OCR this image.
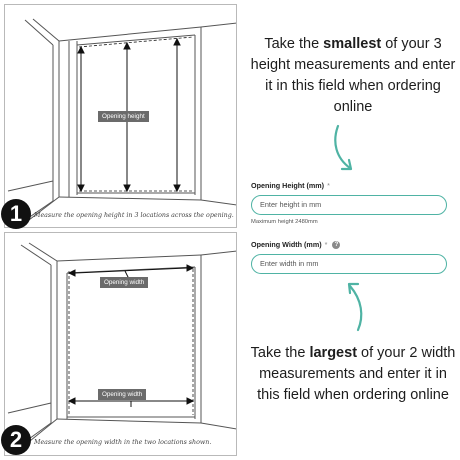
Opening height
1	Measure the opening height in 3 locations across the opening.
Opening width
Opening width
2	Measure the opening width in the two locations shown.
Take the smallest of your 3 height measurements and enter it in this field when ordering online
Opening Height (mm) *
Enter height in mm
Maximum height 2480mm
Opening Width (mm) * ?
Enter width in mm
Take the largest of your 2 width measurements and enter it in this field when ordering online
